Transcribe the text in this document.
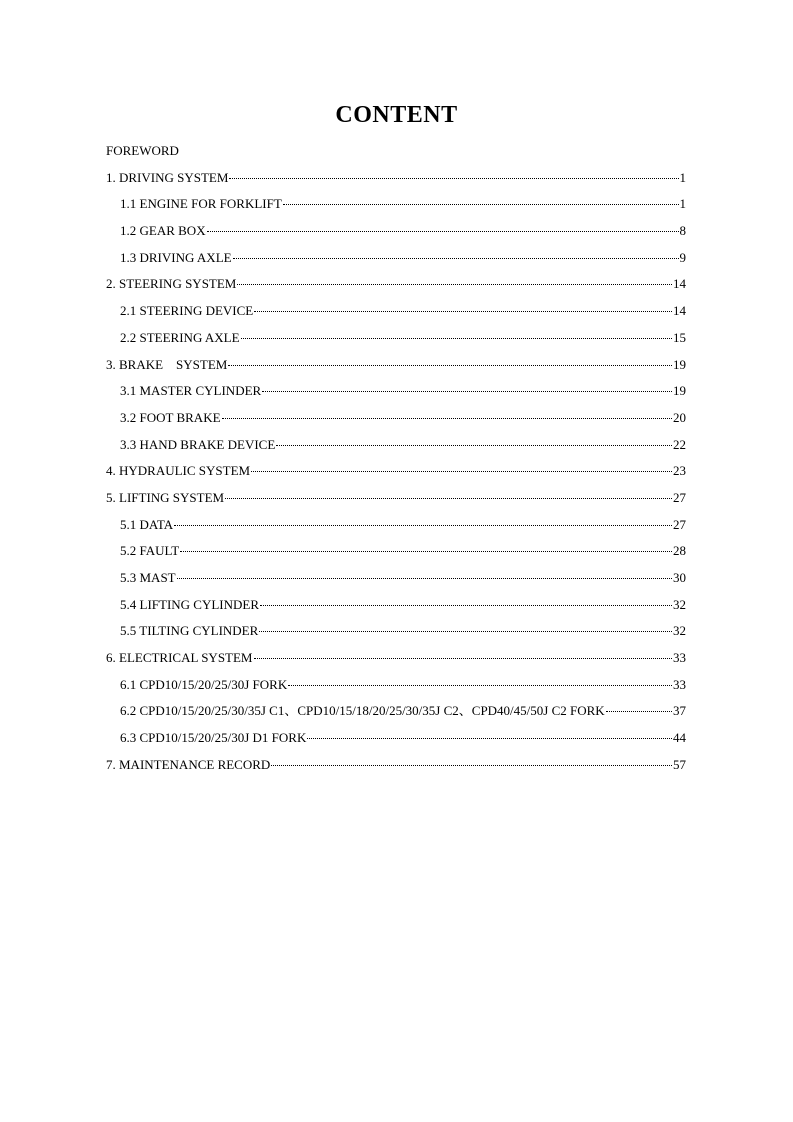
CONTENT
FOREWORD
1. DRIVING SYSTEM	1
1.1 ENGINE FOR FORKLIFT	1
1.2 GEAR BOX	8
1.3 DRIVING AXLE	9
2. STEERING SYSTEM	14
2.1 STEERING DEVICE	14
2.2 STEERING AXLE	15
3. BRAKE    SYSTEM	19
3.1 MASTER CYLINDER	19
3.2 FOOT BRAKE	20
3.3 HAND BRAKE DEVICE	22
4. HYDRAULIC SYSTEM	23
5. LIFTING SYSTEM	27
5.1 DATA	27
5.2 FAULT	28
5.3 MAST	30
5.4 LIFTING CYLINDER	32
5.5 TILTING CYLINDER	32
6. ELECTRICAL SYSTEM	33
6.1 CPD10/15/20/25/30J FORK	33
6.2 CPD10/15/20/25/30/35J C1、CPD10/15/18/20/25/30/35J C2、CPD40/45/50J C2 FORK	37
6.3 CPD10/15/20/25/30J D1 FORK	44
7. MAINTENANCE RECORD	57
